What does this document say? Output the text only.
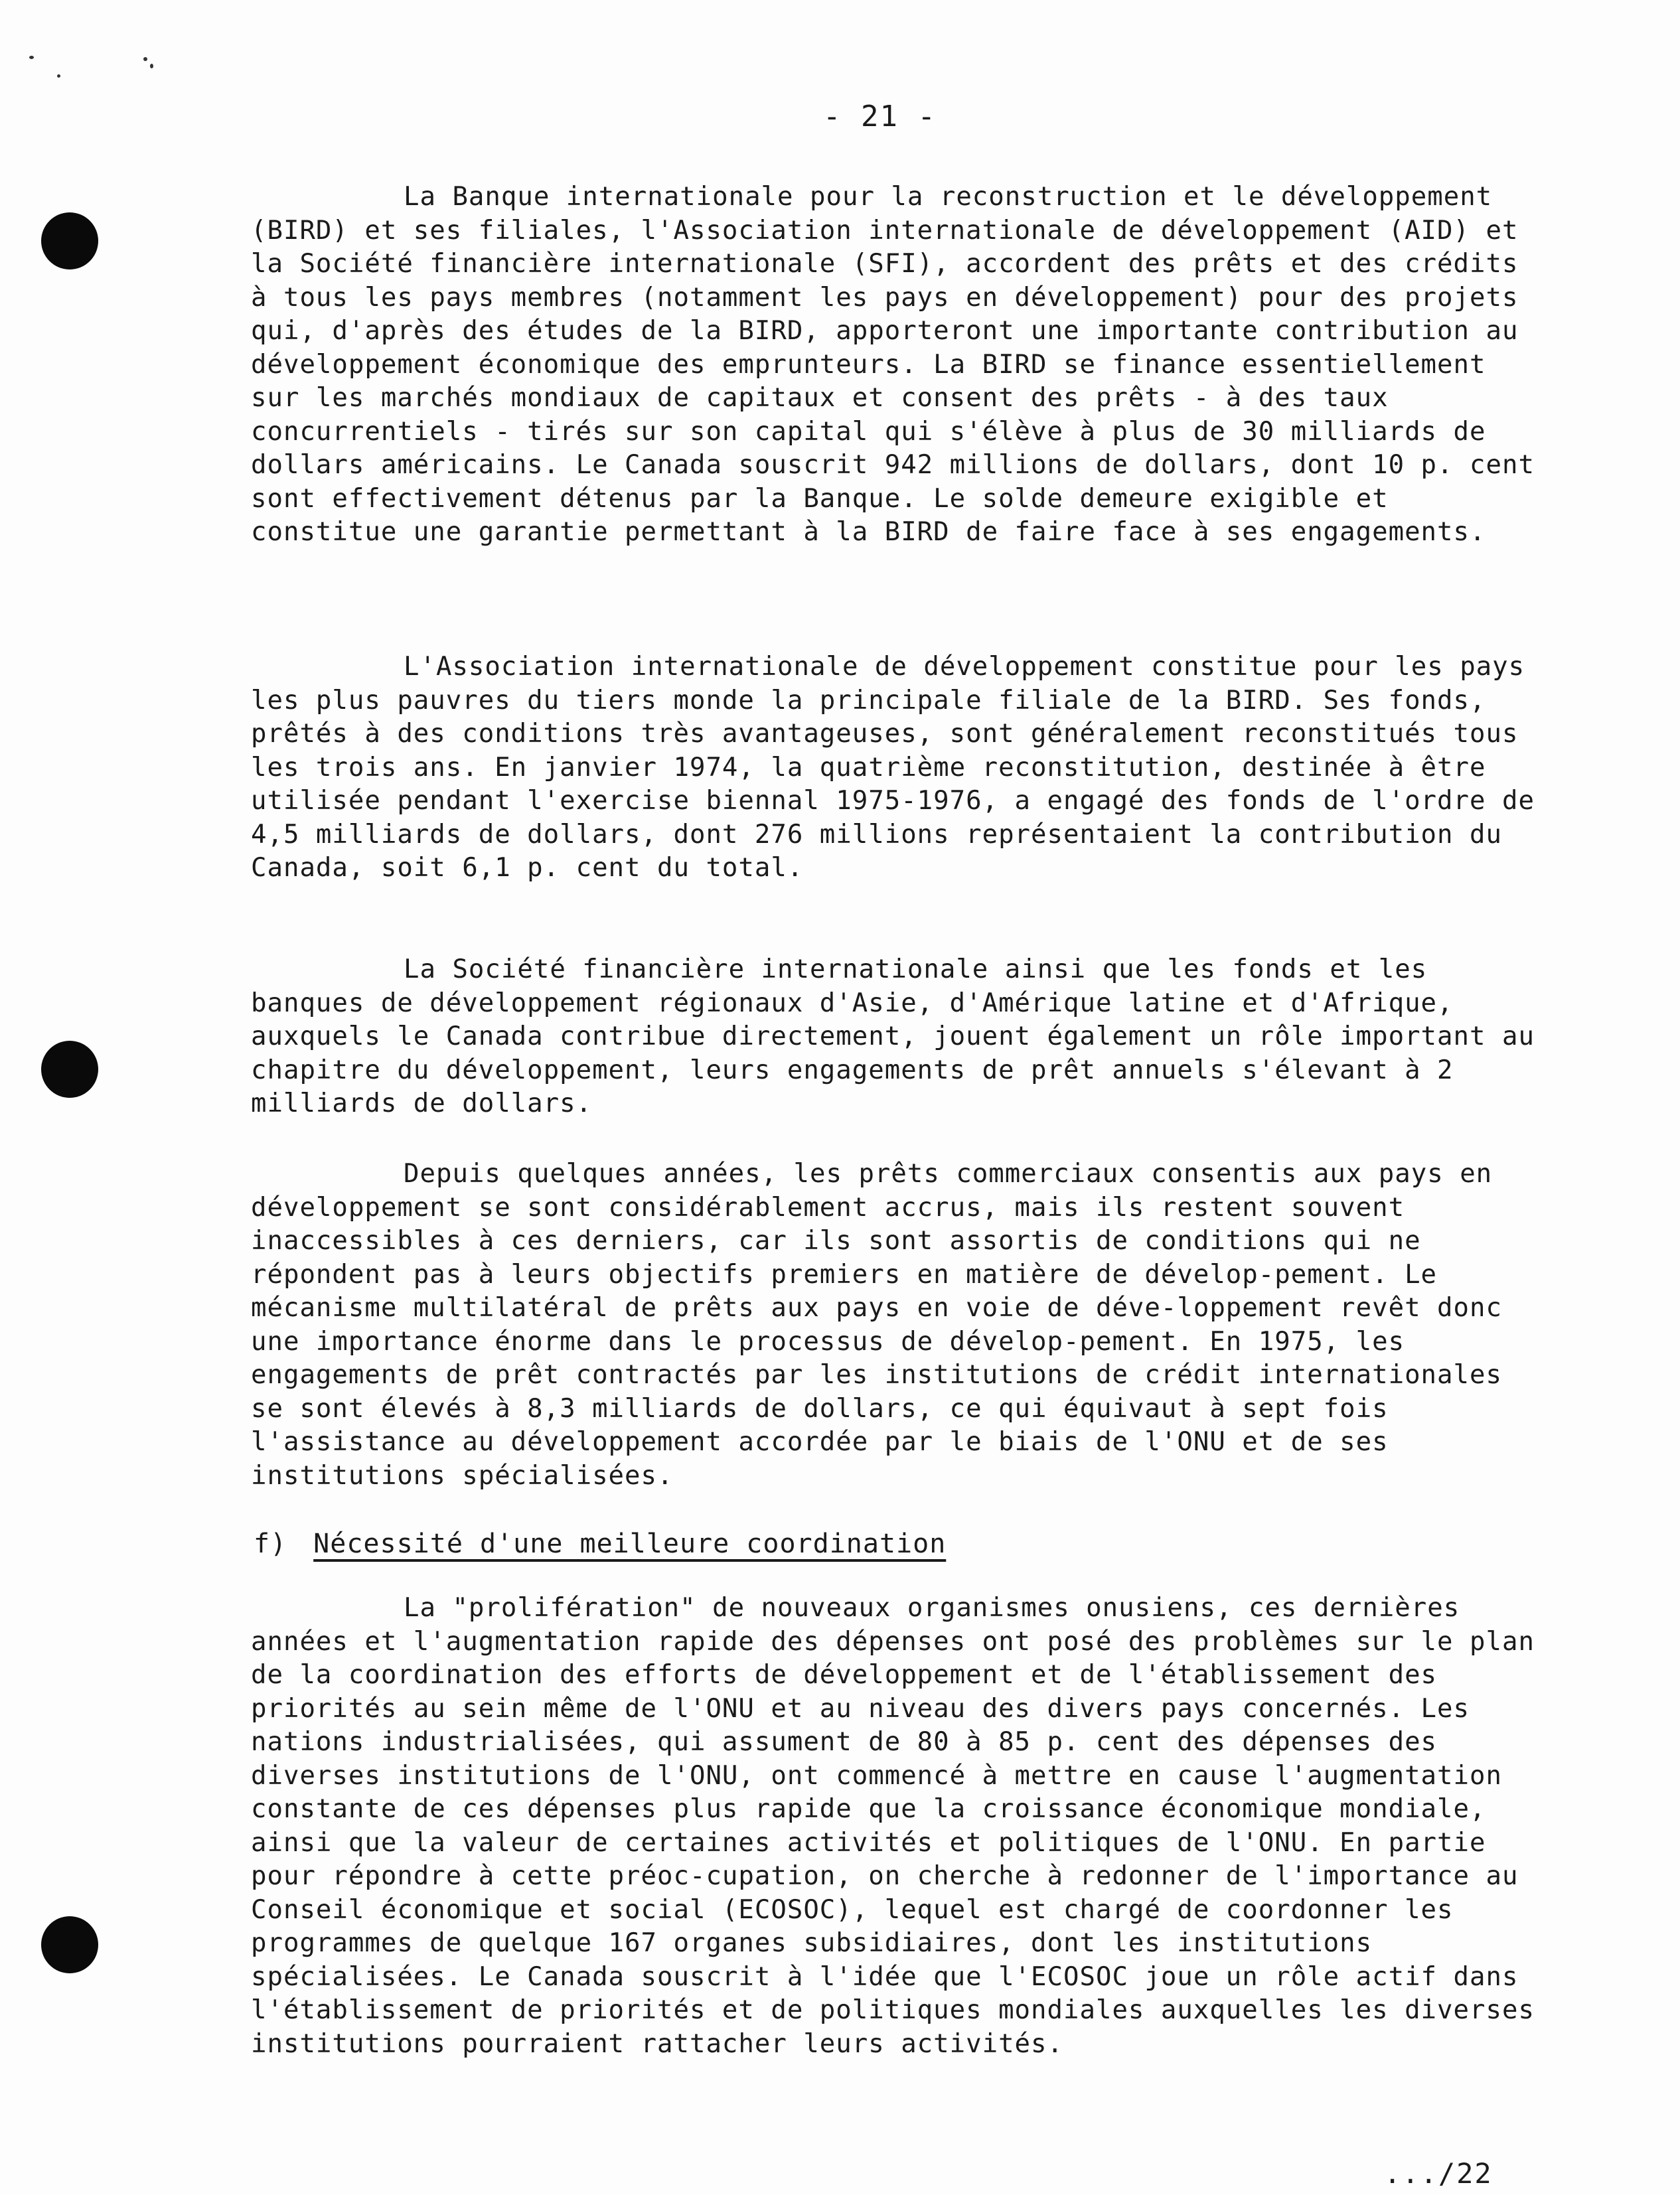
- 21 -

La Banque internationale pour la reconstruction et le développement (BIRD) et ses filiales, l'Association internationale de développement (AID) et la Société financière internationale (SFI), accordent des prêts et des crédits à tous les pays membres (notamment les pays en développement) pour des projets qui, d'après des études de la BIRD, apporteront une importante contribution au développement économique des emprunteurs. La BIRD se finance essentiellement sur les marchés mondiaux de capitaux et consent des prêts - à des taux concurrentiels - tirés sur son capital qui s'élève à plus de 30 milliards de dollars américains. Le Canada souscrit 942 millions de dollars, dont 10 p. cent sont effectivement détenus par la Banque. Le solde demeure exigible et constitue une garantie permettant à la BIRD de faire face à ses engagements.

L'Association internationale de développement constitue pour les pays les plus pauvres du tiers monde la principale filiale de la BIRD. Ses fonds, prêtés à des conditions très avantageuses, sont généralement reconstitués tous les trois ans. En janvier 1974, la quatrième reconstitution, destinée à être utilisée pendant l'exercise biennal 1975-1976, a engagé des fonds de l'ordre de 4,5 milliards de dollars, dont 276 millions représentaient la contribution du Canada, soit 6,1 p. cent du total.

La Société financière internationale ainsi que les fonds et les banques de développement régionaux d'Asie, d'Amérique latine et d'Afrique, auxquels le Canada contribue directement, jouent également un rôle important au chapitre du développement, leurs engagements de prêt annuels s'élevant à 2 milliards de dollars.

Depuis quelques années, les prêts commerciaux consentis aux pays en développement se sont considérablement accrus, mais ils restent souvent inaccessibles à ces derniers, car ils sont assortis de conditions qui ne répondent pas à leurs objectifs premiers en matière de dévelop-pement. Le mécanisme multilatéral de prêts aux pays en voie de déve-loppement revêt donc une importance énorme dans le processus de dévelop-pement. En 1975, les engagements de prêt contractés par les institutions de crédit internationales se sont élevés à 8,3 milliards de dollars, ce qui équivaut à sept fois l'assistance au développement accordée par le biais de l'ONU et de ses institutions spécialisées.

f) Nécessité d'une meilleure coordination

La "prolifération" de nouveaux organismes onusiens, ces dernières années et l'augmentation rapide des dépenses ont posé des problèmes sur le plan de la coordination des efforts de développement et de l'établissement des priorités au sein même de l'ONU et au niveau des divers pays concernés. Les nations industrialisées, qui assument de 80 à 85 p. cent des dépenses des diverses institutions de l'ONU, ont commencé à mettre en cause l'augmentation constante de ces dépenses plus rapide que la croissance économique mondiale, ainsi que la valeur de certaines activités et politiques de l'ONU. En partie pour répondre à cette préoc-cupation, on cherche à redonner de l'importance au Conseil économique et social (ECOSOC), lequel est chargé de coordonner les programmes de quelque 167 organes subsidiaires, dont les institutions spécialisées. Le Canada souscrit à l'idée que l'ECOSOC joue un rôle actif dans l'établissement de priorités et de politiques mondiales auxquelles les diverses institutions pourraient rattacher leurs activités.

.../22
